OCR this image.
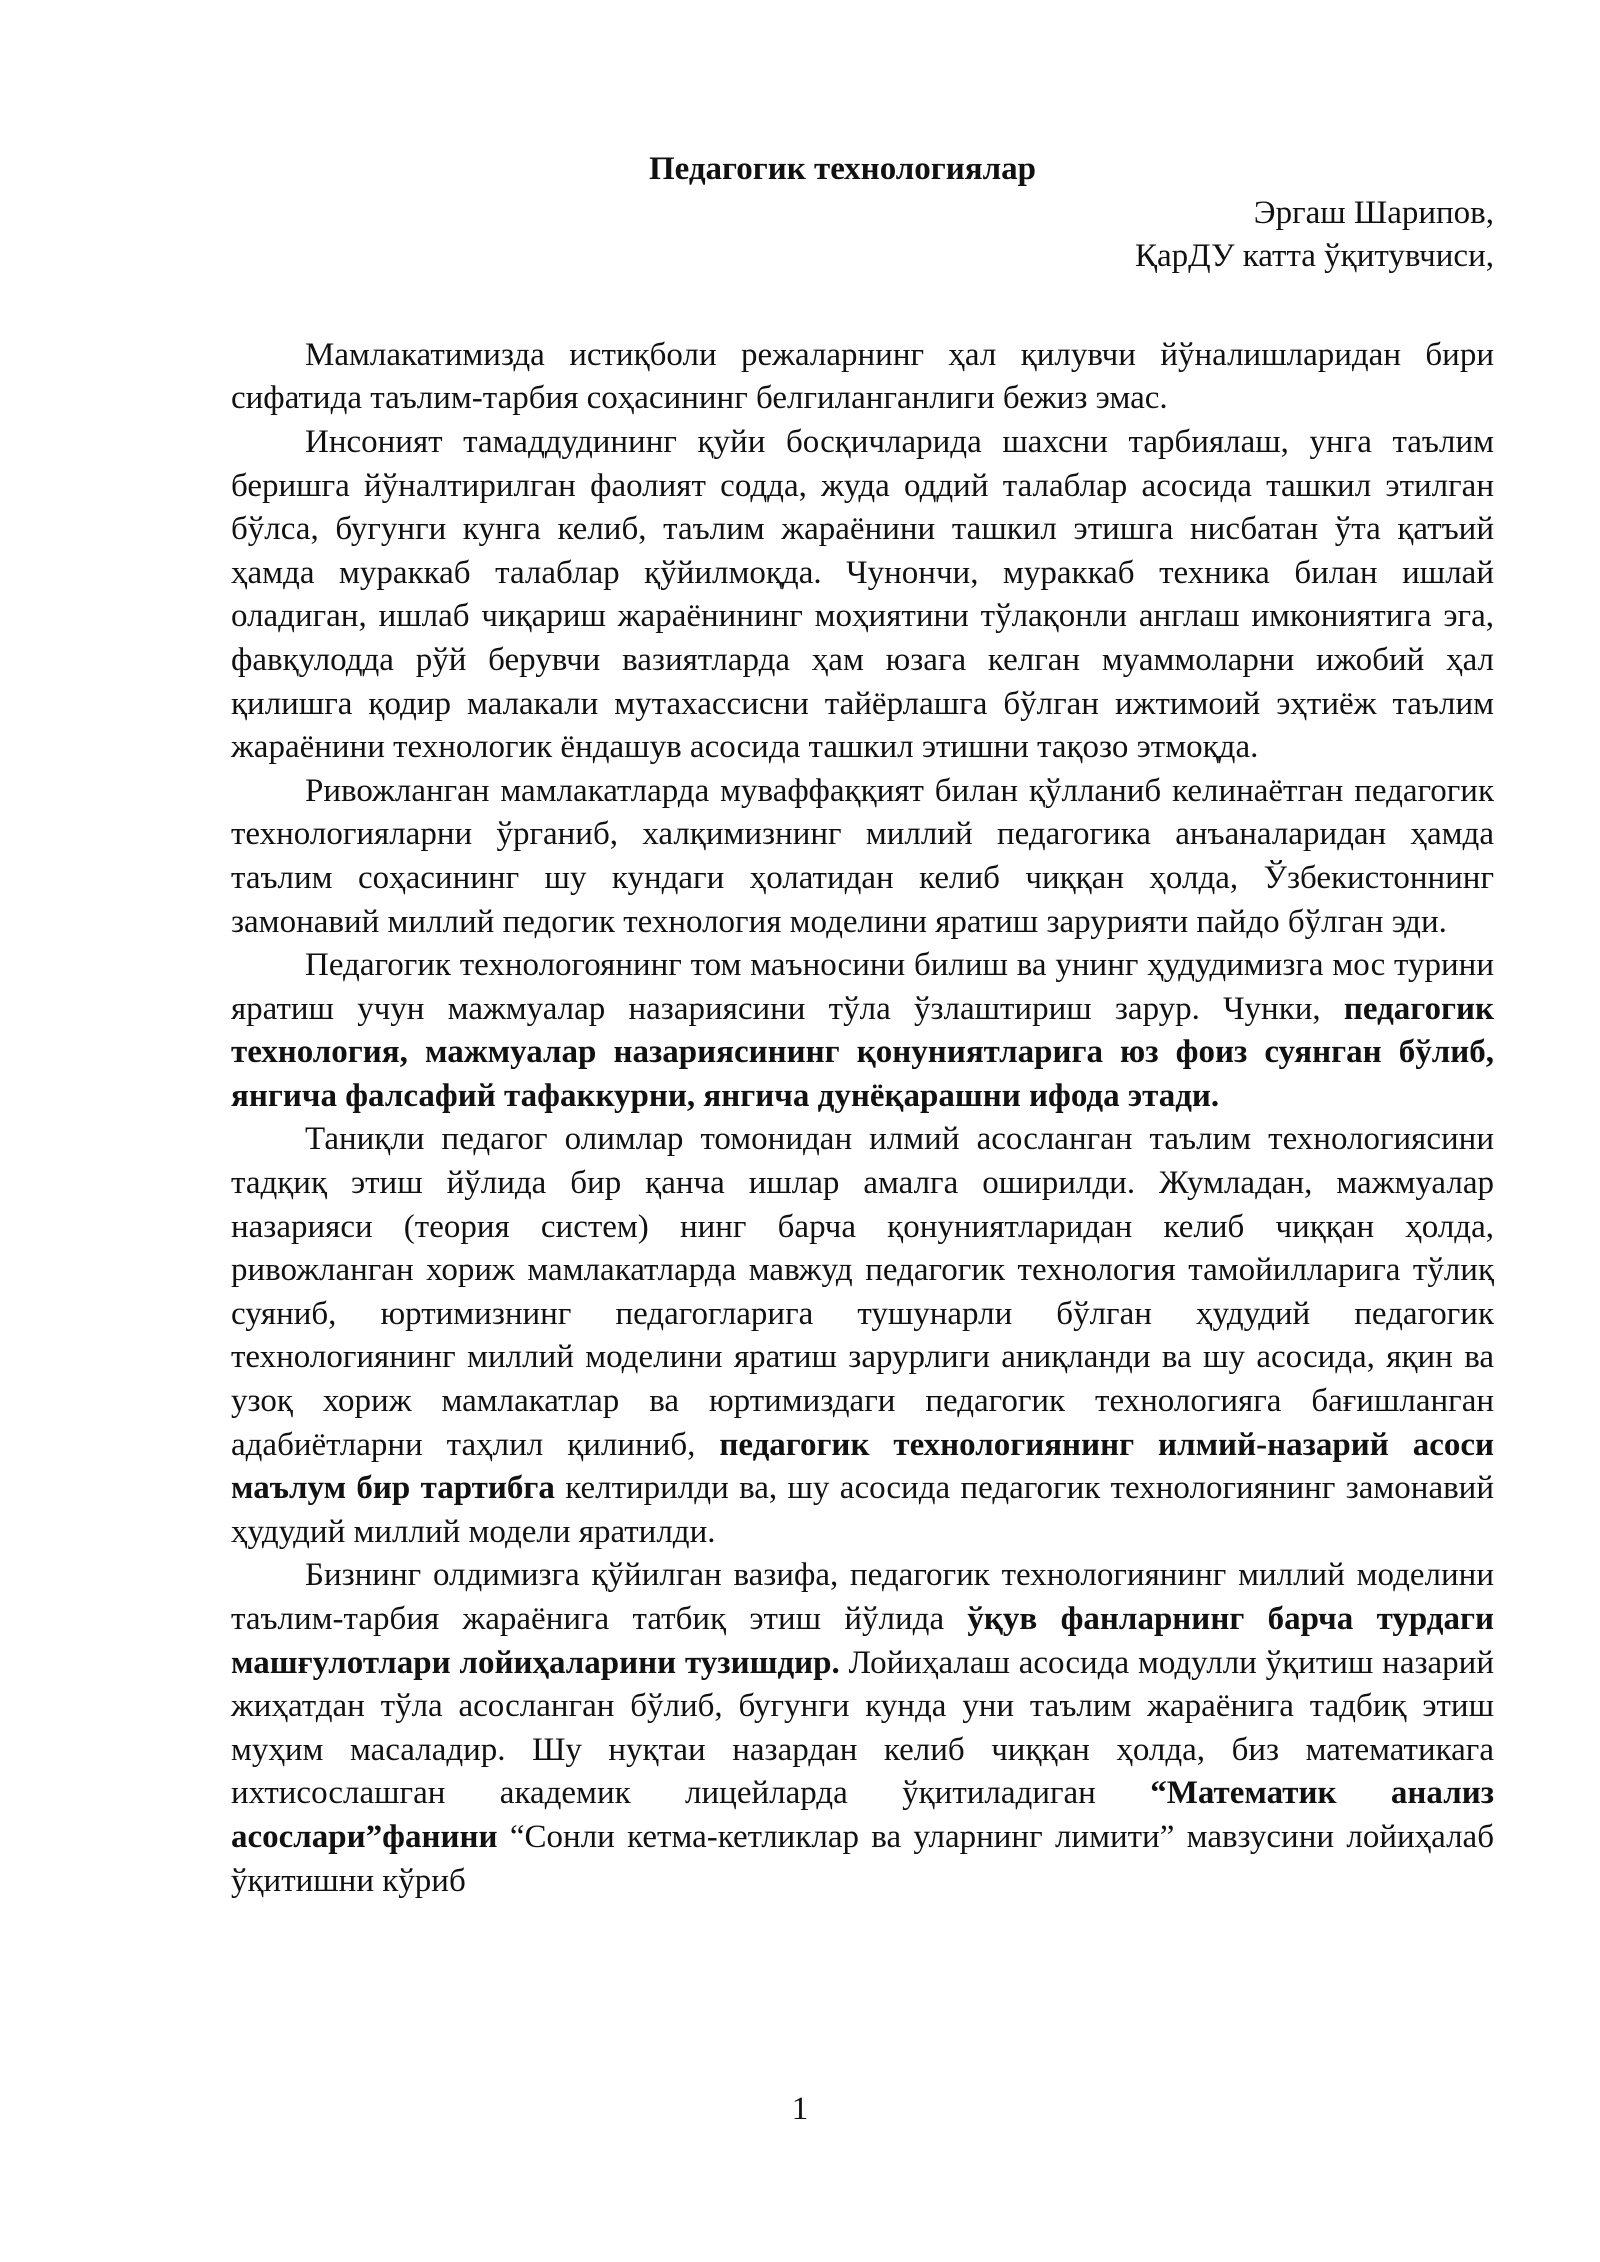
Педагогик технологиялар

Эргаш Шарипов,

ҚарДУ катта ўқитувчиси,

Мамлакатимизда истиқболи режаларнинг ҳал қилувчи йўналишларидан бири сифатида таълим-тарбия соҳасининг белгиланганлиги бежиз эмас.

Инсоният тамаддудининг қуйи босқичларида шахсни тарбиялаш, унга таълим беришга йўналтирилган фаолият содда, жуда оддий талаблар асосида ташкил этилган бўлса, бугунги кунга келиб, таълим жараёнини ташкил этишга нисбатан ўта қатъий ҳамда мураккаб талаблар қўйилмоқда. Чунончи, мураккаб техника билан ишлай оладиган, ишлаб чиқариш жараёнининг моҳиятини тўлақонли англаш имкониятига эга, фавқулодда рўй берувчи вазиятларда ҳам юзага келган муаммоларни ижобий ҳал қилишга қодир малакали мутахассисни тайёрлашга бўлган ижтимоий эҳтиёж таълим жараёнини технологик ёндашув асосида ташкил этишни тақозо этмоқда.

Ривожланган мамлакатларда муваффаққият билан қўлланиб келинаётган педагогик технологияларни ўрганиб, халқимизнинг миллий педагогика анъаналаридан ҳамда таълим соҳасининг шу кундаги ҳолатидан келиб чиққан ҳолда, Ўзбекистоннинг замонавий миллий педогик технология моделини яратиш зарурияти пайдо бўлган эди.

Педагогик технологоянинг том маъносини билиш ва унинг ҳудудимизга мос турини яратиш учун мажмуалар назариясини тўла ўзлаштириш зарур. Чунки, педагогик технология, мажмуалар назариясининг қонуниятларига юз фоиз суянган бўлиб, янгича фалсафий тафаккурни, янгича дунёқарашни ифода этади.

Таниқли педагог олимлар томонидан илмий асосланган таълим технологиясини тадқиқ этиш йўлида бир қанча ишлар амалга оширилди. Жумладан, мажмуалар назарияси (теория систем) нинг барча қонуниятларидан келиб чиққан ҳолда, ривожланган хориж мамлакатларда мавжуд педагогик технология тамойилларига тўлиқ суяниб, юртимизнинг педагогларига тушунарли бўлган ҳудудий педагогик технологиянинг миллий моделини яратиш зарурлиги аниқланди ва шу асосида, яқин ва узоқ хориж мамлакатлар ва юртимиздаги педагогик технологияга бағишланган адабиётларни таҳлил қилиниб, педагогик технологиянинг илмий-назарий асоси маълум бир тартибга келтирилди ва, шу асосида педагогик технологиянинг замонавий ҳудудий миллий модели яратилди.

Бизнинг олдимизга қўйилган вазифа, педагогик технологиянинг миллий моделини таълим-тарбия жараёнига татбиқ этиш йўлида ўқув фанларнинг барча турдаги машғулотлари лойиҳаларини тузишдир. Лойиҳалаш асосида модулли ўқитиш назарий жиҳатдан тўла асосланган бўлиб, бугунги кунда уни таълим жараёнига тадбиқ этиш муҳим масаладир. Шу нуқтаи назардан келиб чиққан ҳолда, биз математикага ихтисослашган академик лицейларда ўқитиладиган “Математик анализ асослари”фанини “Сонли кетма-кетликлар ва уларнинг лимити” мавзусини лойиҳалаб ўқитишни кўриб

1
